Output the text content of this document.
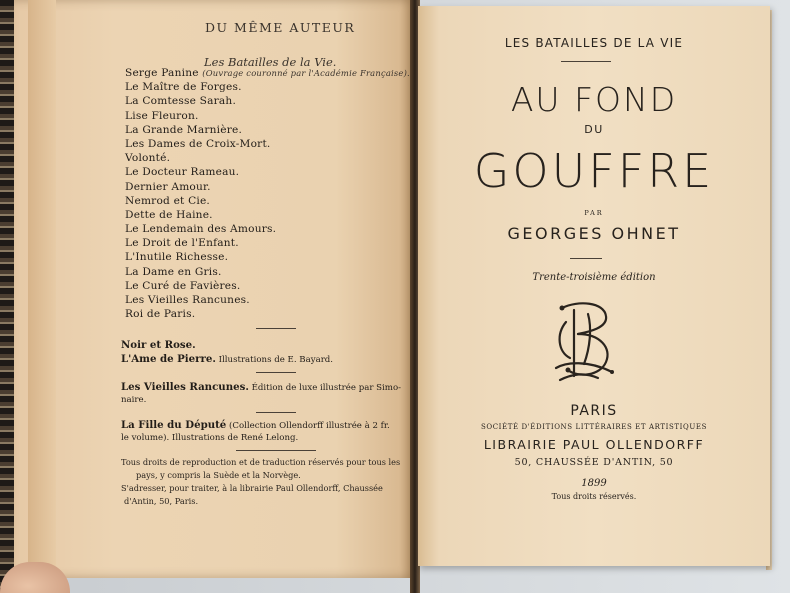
DU MÊME AUTEUR
Les Batailles de la Vie.
Serge Panine (Ouvrage couronné par l'Académie Française).
Le Maître de Forges.
La Comtesse Sarah.
Lise Fleuron.
La Grande Marnière.
Les Dames de Croix-Mort.
Volonté.
Le Docteur Rameau.
Dernier Amour.
Nemrod et Cie.
Dette de Haine.
Le Lendemain des Amours.
Le Droit de l'Enfant.
L'Inutile Richesse.
La Dame en Gris.
Le Curé de Favières.
Les Vieilles Rancunes.
Roi de Paris.
Noir et Rose.
L'Ame de Pierre. Illustrations de E. Bayard.
Les Vieilles Rancunes. Édition de luxe illustrée par Simo-
naire.
La Fille du Député (Collection Ollendorff illustrée à 2 fr.
le volume). Illustrations de René Lelong.
Tous droits de reproduction et de traduction réservés pour tous les
pays, y compris la Suède et la Norvège.
S'adresser, pour traiter, à la librairie Paul Ollendorff, Chaussée
d'Antin, 50, Paris.
LES BATAILLES DE LA VIE
AU FOND
DU
GOUFFRE
PAR
GEORGES OHNET
Trente-troisième édition
PARIS
SOCIÉTÉ D'ÉDITIONS LITTÉRAIRES ET ARTISTIQUES
LIBRAIRIE PAUL OLLENDORFF
50, CHAUSSÉE D'ANTIN, 50
1899
Tous droits réservés.
